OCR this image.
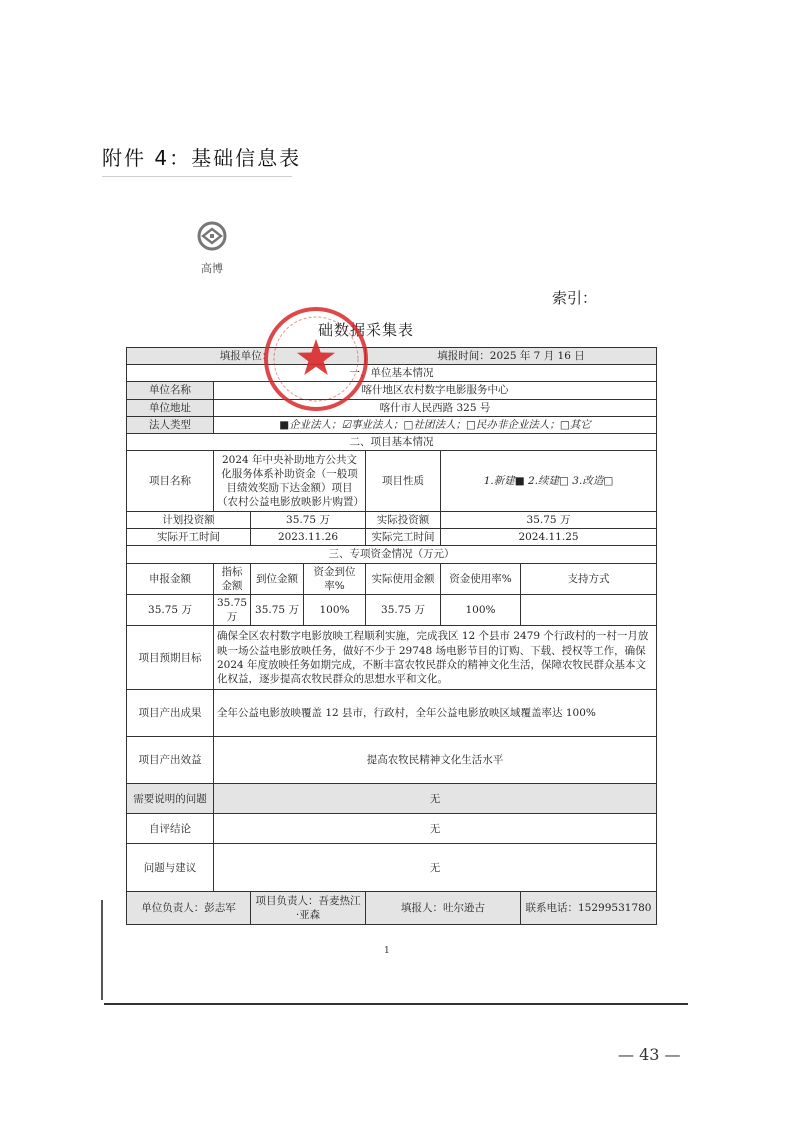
附件 4：基础信息表
高博
索引：
础数据采集表
填报单位：				填报时间：2025 年 7 月 16 日		
一、单位基本情况						
单位名称	喀什地区农村数字电影服务中心					
单位地址	喀什市人民西路 325 号					
法人类型	■企业法人；☑事业法人；□社团法人；□民办非企业法人；□其它					
二、项目基本情况						
项目名称	2024 年中央补助地方公共文化服务体系补助资金（一般项目绩效奖励下达金额）项目（农村公益电影放映影片购置）			项目性质	1.新建■ 2.续建□ 3.改造□	
计划投资额		35.75 万		实际投资额	35.75 万	
实际开工时间		2023.11.26		实际完工时间	2024.11.25	
三、专项资金情况（万元）						
申报金额	指标金额	到位金额	资金到位率%	实际使用金额	资金使用率%	支持方式
35.75 万	35.75 万	35.75 万	100%	35.75 万	100%	
项目预期目标	确保全区农村数字电影放映工程顺利实施，完成我区 12 个县市 2479 个行政村的一村一月放映一场公益电影放映任务，做好不少于 29748 场电影节目的订购、下载、授权等工作，确保 2024 年度放映任务如期完成，不断丰富农牧民群众的精神文化生活，保障农牧民群众基本文化权益，逐步提高农牧民群众的思想水平和文化。					
项目产出成果	全年公益电影放映覆盖 12 县市，行政村，全年公益电影放映区域覆盖率达 100%					
项目产出效益	提高农牧民精神文化生活水平					
需要说明的问题	无					
自评结论	无					
问题与建议	无					
单位负责人：彭志军		项目负责人：吾麦热江·亚森		填报人：吐尔逊古		联系电话：15299531780
1
— 43 —
